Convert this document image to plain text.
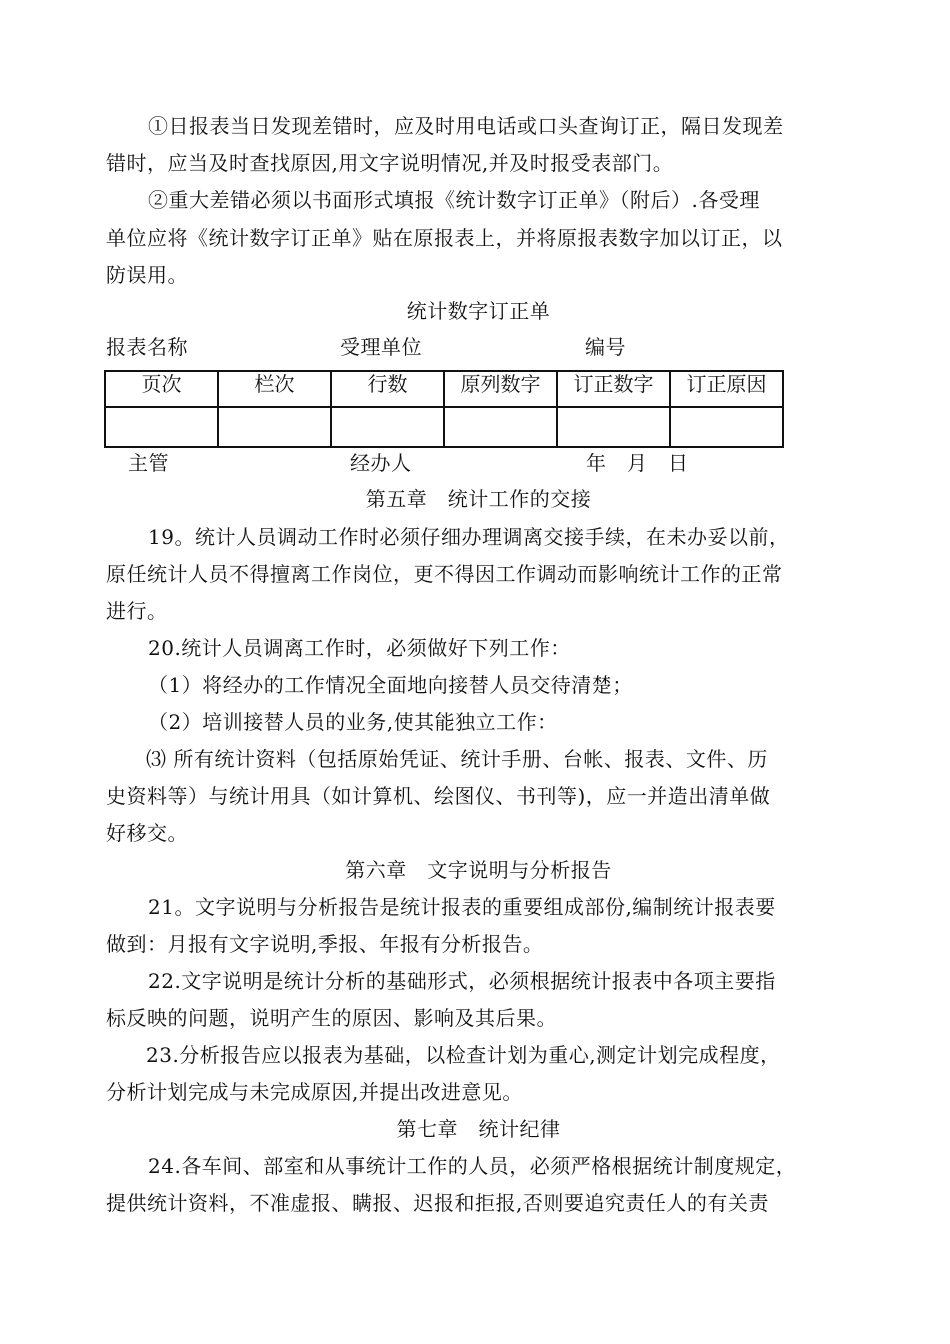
①日报表当日发现差错时，应及时用电话或口头查询订正，隔日发现差
错时，应当及时查找原因,用文字说明情况,并及时报受表部门。
②重大差错必须以书面形式填报《统计数字订正单》（附后）.各受理
单位应将《统计数字订正单》贴在原报表上，并将原报表数字加以订正，以
防误用。
统计数字订正单
报表名称	受理单位	编号
页次	栏次	行数	原列数字	订正数字	订正原因

主管	经办人	年　月　日
第五章　统计工作的交接
19。统计人员调动工作时必须仔细办理调离交接手续，在未办妥以前，
原任统计人员不得擅离工作岗位，更不得因工作调动而影响统计工作的正常
进行。
20.统计人员调离工作时，必须做好下列工作：
（1）将经办的工作情况全面地向接替人员交待清楚；
（2）培训接替人员的业务,使其能独立工作：
⑶ 所有统计资料（包括原始凭证、统计手册、台帐、报表、文件、历
史资料等）与统计用具（如计算机、绘图仪、书刊等)，应一并造出清单做
好移交。
第六章　文字说明与分析报告
21。文字说明与分析报告是统计报表的重要组成部份,编制统计报表要
做到：月报有文字说明,季报、年报有分析报告。
22.文字说明是统计分析的基础形式，必须根据统计报表中各项主要指
标反映的问题，说明产生的原因、影响及其后果。
23.分析报告应以报表为基础，以检查计划为重心,测定计划完成程度，
分析计划完成与未完成原因,并提出改进意见。
第七章　统计纪律
24.各车间、部室和从事统计工作的人员，必须严格根据统计制度规定，
提供统计资料，不准虚报、瞒报、迟报和拒报,否则要追究责任人的有关责
